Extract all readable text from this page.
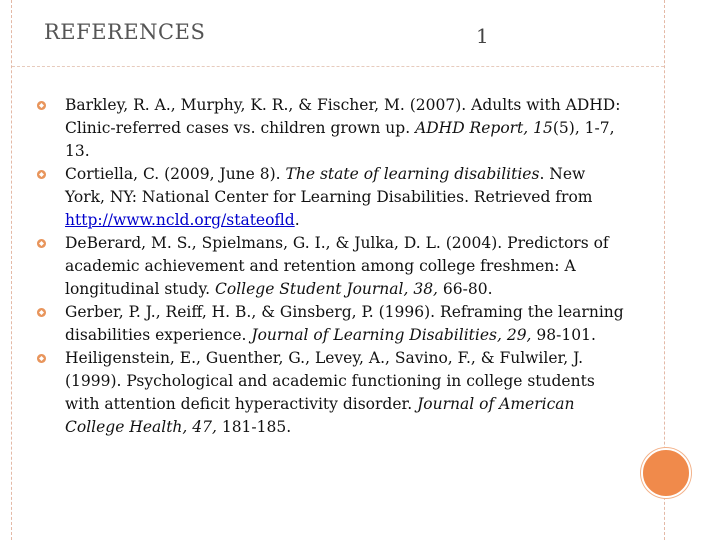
REFERENCES	1
Barkley, R. A., Murphy, K. R., & Fischer, M. (2007). Adults with ADHD: Clinic-referred cases vs. children grown up. ADHD Report, 15(5), 1-7, 13.
Cortiella, C. (2009, June 8). The state of learning disabilities. New York, NY: National Center for Learning Disabilities. Retrieved from http://www.ncld.org/stateofld.
DeBerard, M. S., Spielmans, G. I., & Julka, D. L. (2004). Predictors of academic achievement and retention among college freshmen: A longitudinal study. College Student Journal, 38, 66-80.
Gerber, P. J., Reiff, H. B., & Ginsberg, P. (1996). Reframing the learning disabilities experience. Journal of Learning Disabilities, 29, 98-101.
Heiligenstein, E., Guenther, G., Levey, A., Savino, F., & Fulwiler, J. (1999). Psychological and academic functioning in college students with attention deficit hyperactivity disorder. Journal of American College Health, 47, 181-185.
